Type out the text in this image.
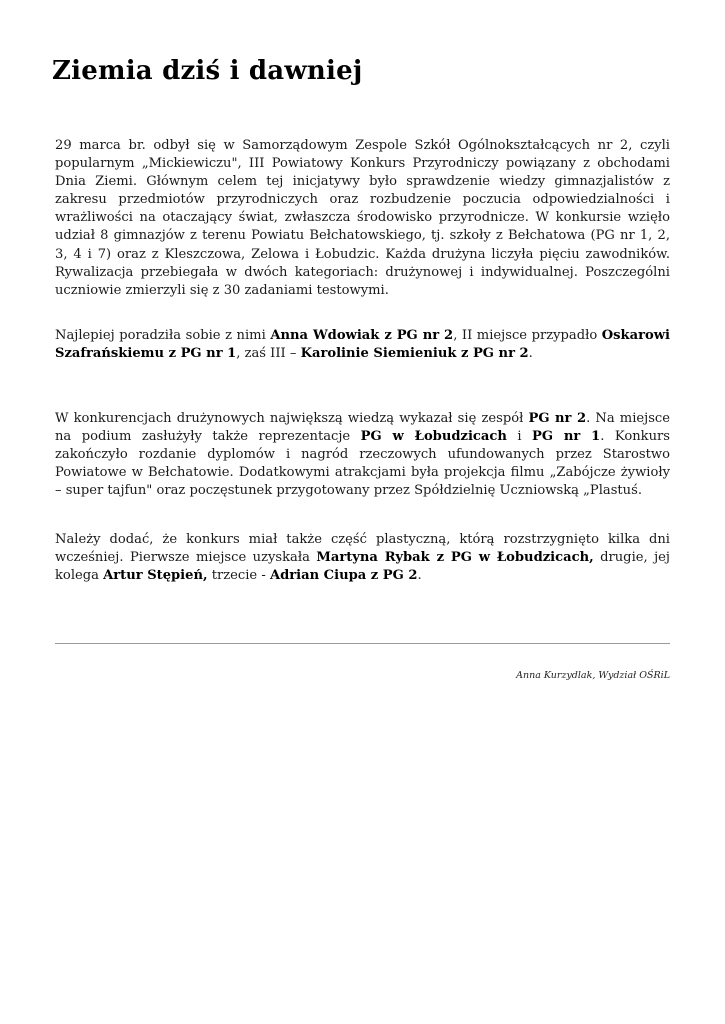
Ziemia dziś i dawniej

29 marca br. odbył się w Samorządowym Zespole Szkół Ogólnokształcących nr 2, czyli popularnym „Mickiewiczu", III Powiatowy Konkurs Przyrodniczy powiązany z obchodami Dnia Ziemi. Głównym celem tej inicjatywy było sprawdzenie wiedzy gimnazjalistów z zakresu przedmiotów przyrodniczych oraz rozbudzenie poczucia odpowiedzialności i wrażliwości na otaczający świat, zwłaszcza środowisko przyrodnicze. W konkursie wzięło udział 8 gimnazjów z terenu Powiatu Bełchatowskiego, tj. szkoły z Bełchatowa (PG nr 1, 2, 3, 4 i 7) oraz z Kleszczowa, Zelowa i Łobudzic. Każda drużyna liczyła pięciu zawodników. Rywalizacja przebiegała w dwóch kategoriach: drużynowej i indywidualnej. Poszczególni uczniowie zmierzyli się z 30 zadaniami testowymi.

Najlepiej poradziła sobie z nimi Anna Wdowiak z PG nr 2, II miejsce przypadło Oskarowi Szafrańskiemu z PG nr 1, zaś III – Karolinie Siemieniuk z PG nr 2.

W konkurencjach drużynowych największą wiedzą wykazał się zespół PG nr 2. Na miejsce na podium zasłużyły także reprezentacje PG w Łobudzicach i PG nr 1. Konkurs zakończyło rozdanie dyplomów i nagród rzeczowych ufundowanych przez Starostwo Powiatowe w Bełchatowie. Dodatkowymi atrakcjami była projekcja filmu „Zabójcze żywioły – super tajfun" oraz poczęstunek przygotowany przez Spółdzielnię Uczniowską „Plastuś.

Należy dodać, że konkurs miał także część plastyczną, którą rozstrzygnięto kilka dni wcześniej. Pierwsze miejsce uzyskała Martyna Rybak z PG w Łobudzicach, drugie, jej kolega Artur Stępień, trzecie - Adrian Ciupa z PG 2.

Anna Kurzydlak, Wydział OŚRiL
